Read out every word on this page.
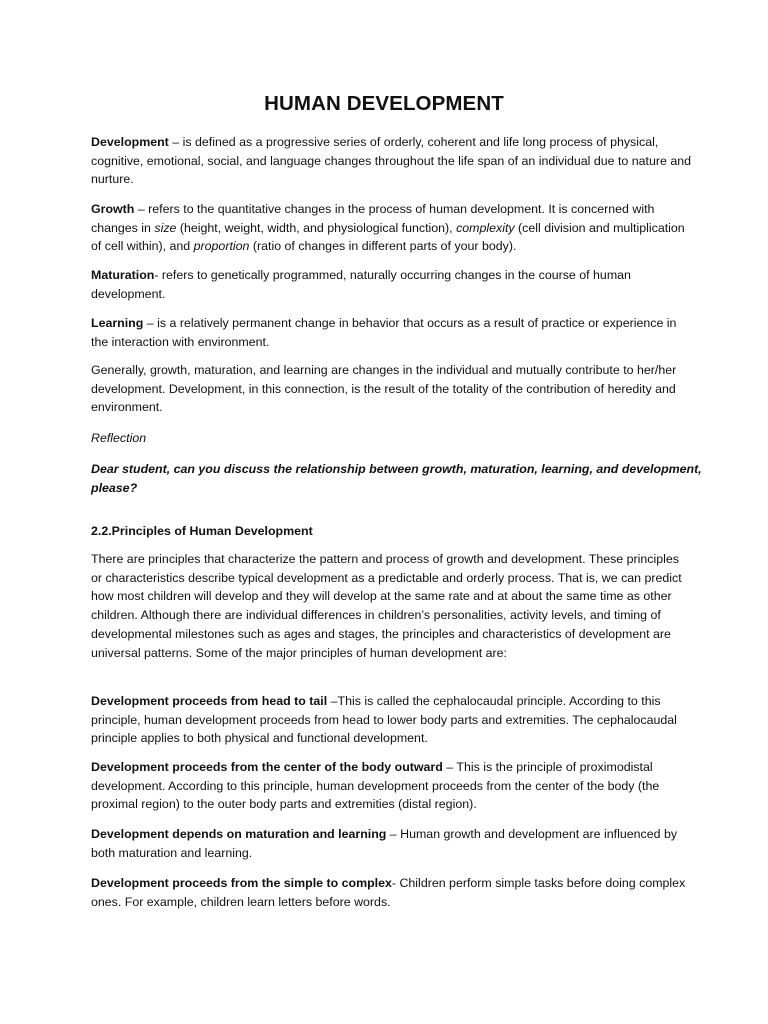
HUMAN DEVELOPMENT

Development – is defined as a progressive series of orderly, coherent and life long process of physical, cognitive, emotional, social, and language changes throughout the life span of an individual due to nature and nurture.

Growth – refers to the quantitative changes in the process of human development. It is concerned with changes in size (height, weight, width, and physiological function), complexity (cell division and multiplication of cell within), and proportion (ratio of changes in different parts of your body).

Maturation- refers to genetically programmed, naturally occurring changes in the course of human development.

Learning – is a relatively permanent change in behavior that occurs as a result of practice or experience in the interaction with environment.

Generally, growth, maturation, and learning are changes in the individual and mutually contribute to her/her development. Development, in this connection, is the result of the totality of the contribution of heredity and environment.

Reflection

Dear student, can you discuss the relationship between growth, maturation, learning, and development, please?

2.2.Principles of Human Development

There are principles that characterize the pattern and process of growth and development. These principles or characteristics describe typical development as a predictable and orderly process. That is, we can predict how most children will develop and they will develop at the same rate and at about the same time as other children. Although there are individual differences in children’s personalities, activity levels, and timing of developmental milestones such as ages and stages, the principles and characteristics of development are universal patterns. Some of the major principles of human development are:

Development proceeds from head to tail –This is called the cephalocaudal principle. According to this principle, human development proceeds from head to lower body parts and extremities. The cephalocaudal principle applies to both physical and functional development.

Development proceeds from the center of the body outward – This is the principle of proximodistal development. According to this principle, human development proceeds from the center of the body (the proximal region) to the outer body parts and extremities (distal region).

Development depends on maturation and learning – Human growth and development are influenced by both maturation and learning.

Development proceeds from the simple to complex- Children perform simple tasks before doing complex ones. For example, children learn letters before words.
